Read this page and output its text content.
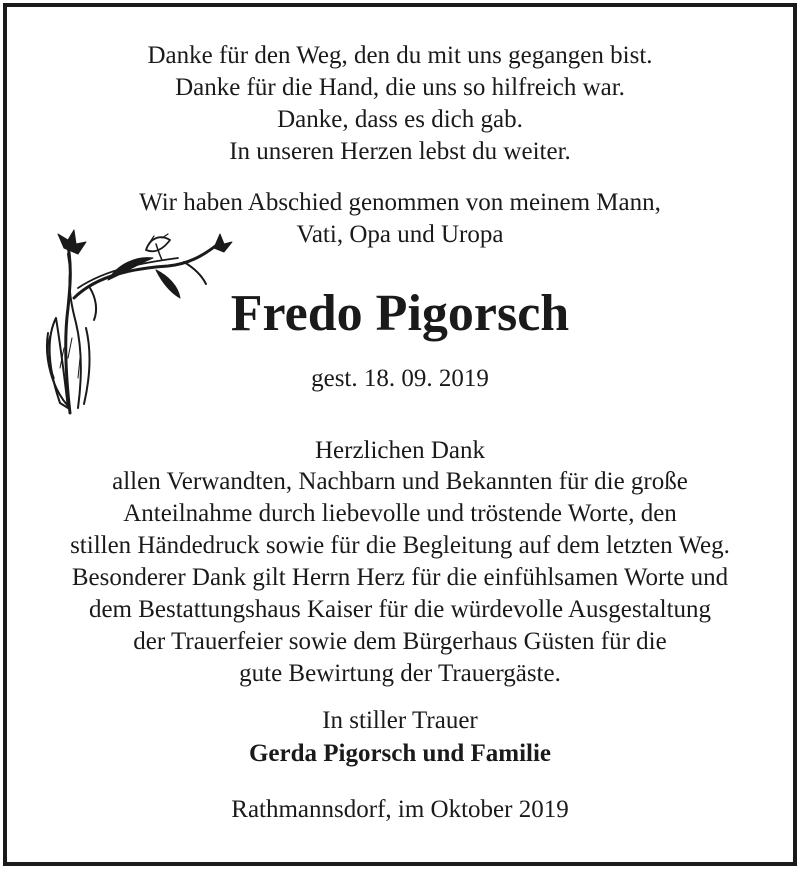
Danke für den Weg, den du mit uns gegangen bist.
Danke für die Hand, die uns so hilfreich war.
Danke, dass es dich gab.
In unseren Herzen lebst du weiter.
Wir haben Abschied genommen von meinem Mann,
Vati, Opa und Uropa
Fredo Pigorsch
gest. 18. 09. 2019
Herzlichen Dank
allen Verwandten, Nachbarn und Bekannten für die große
Anteilnahme durch liebevolle und tröstende Worte, den
stillen Händedruck sowie für die Begleitung auf dem letzten Weg.
Besonderer Dank gilt Herrn Herz für die einfühlsamen Worte und
dem Bestattungshaus Kaiser für die würdevolle Ausgestaltung
der Trauerfeier sowie dem Bürgerhaus Güsten für die
gute Bewirtung der Trauergäste.
In stiller Trauer
Gerda Pigorsch und Familie
Rathmannsdorf, im Oktober 2019
